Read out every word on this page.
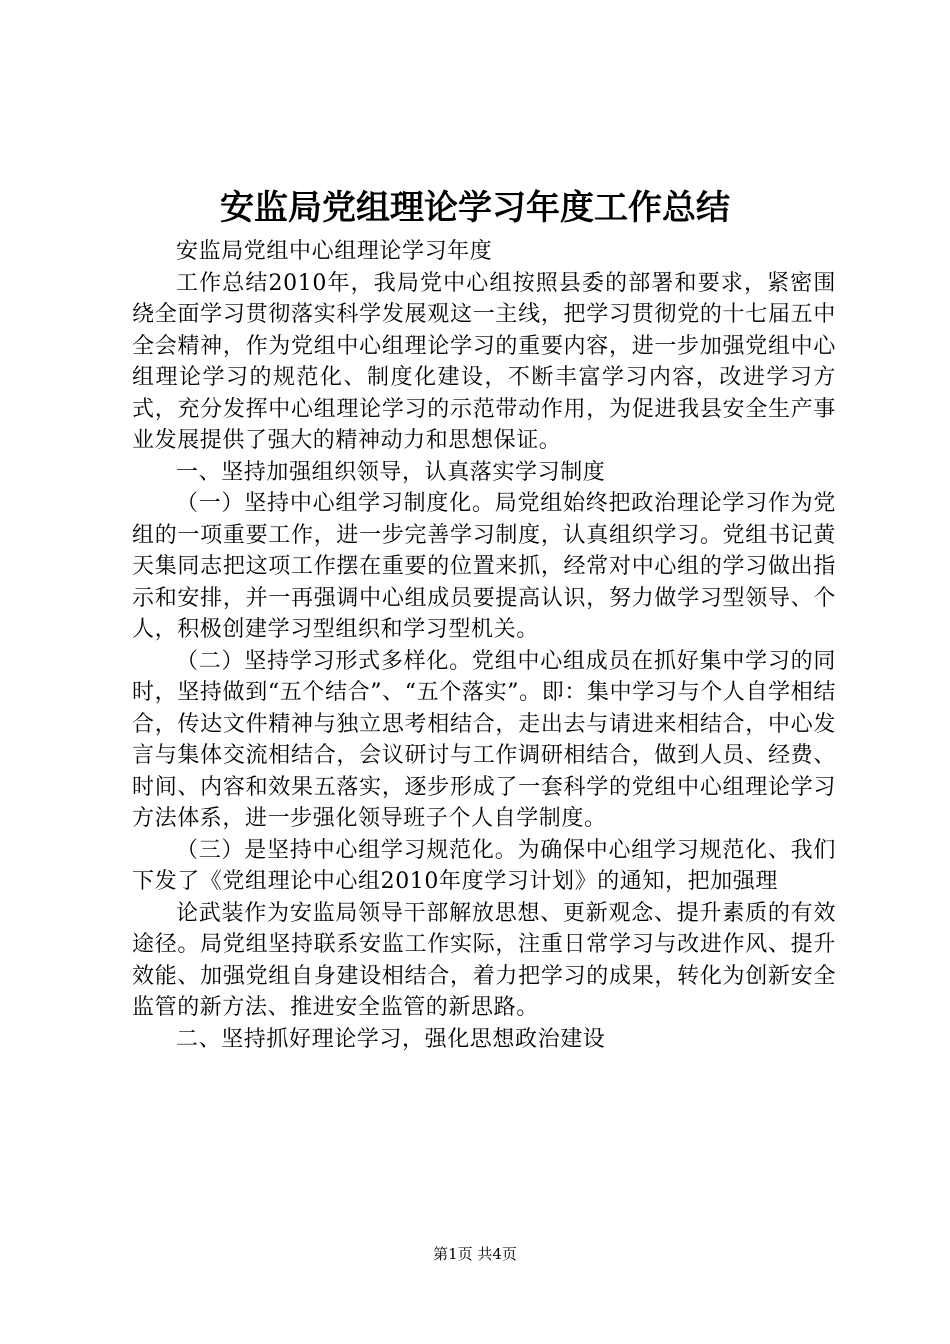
安监局党组理论学习年度工作总结

安监局党组中心组理论学习年度

工作总结2010年，我局党中心组按照县委的部署和要求，紧密围绕全面学习贯彻落实科学发展观这一主线，把学习贯彻党的十七届五中全会精神，作为党组中心组理论学习的重要内容，进一步加强党组中心组理论学习的规范化、制度化建设，不断丰富学习内容，改进学习方式，充分发挥中心组理论学习的示范带动作用，为促进我县安全生产事业发展提供了强大的精神动力和思想保证。

一、坚持加强组织领导，认真落实学习制度

（一）坚持中心组学习制度化。局党组始终把政治理论学习作为党组的一项重要工作，进一步完善学习制度，认真组织学习。党组书记黄天集同志把这项工作摆在重要的位置来抓，经常对中心组的学习做出指示和安排，并一再强调中心组成员要提高认识，努力做学习型领导、个人，积极创建学习型组织和学习型机关。

（二）坚持学习形式多样化。党组中心组成员在抓好集中学习的同时，坚持做到“五个结合”、“五个落实”。即：集中学习与个人自学相结合，传达文件精神与独立思考相结合，走出去与请进来相结合，中心发言与集体交流相结合，会议研讨与工作调研相结合，做到人员、经费、时间、内容和效果五落实，逐步形成了一套科学的党组中心组理论学习方法体系，进一步强化领导班子个人自学制度。

（三）是坚持中心组学习规范化。为确保中心组学习规范化、我们下发了《党组理论中心组2010年度学习计划》的通知，把加强理

论武装作为安监局领导干部解放思想、更新观念、提升素质的有效途径。局党组坚持联系安监工作实际，注重日常学习与改进作风、提升效能、加强党组自身建设相结合，着力把学习的成果，转化为创新安全监管的新方法、推进安全监管的新思路。

二、坚持抓好理论学习，强化思想政治建设

第1页 共4页
